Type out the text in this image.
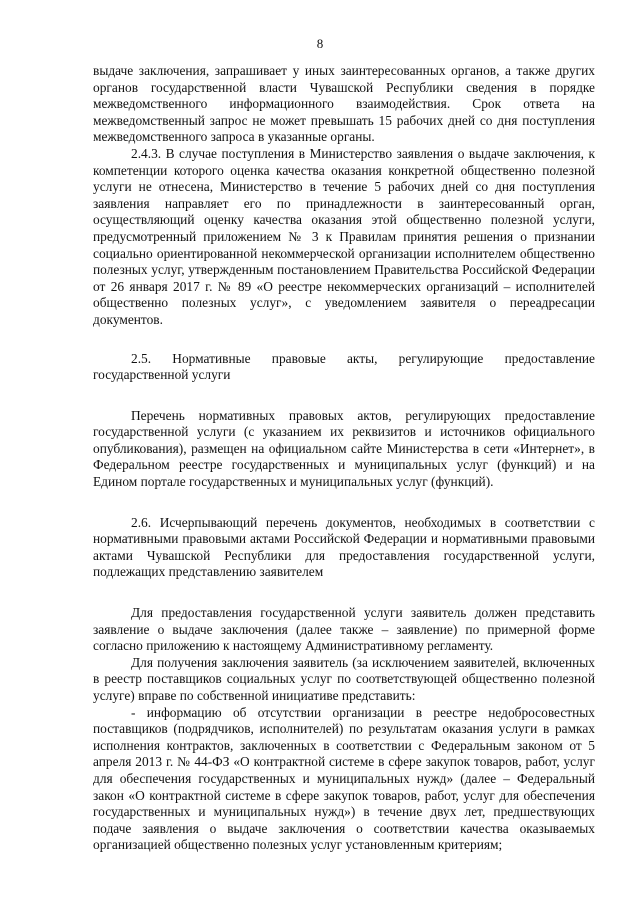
8

выдаче заключения, запрашивает у иных заинтересованных органов, а также других органов государственной власти Чувашской Республики сведения в порядке межведомственного информационного взаимодействия. Срок ответа на межведомственный запрос не может превышать 15 рабочих дней со дня поступления межведомственного запроса в указанные органы.

2.4.3. В случае поступления в Министерство заявления о выдаче заключения, к компетенции которого оценка качества оказания конкретной общественно полезной услуги не отнесена, Министерство в течение 5 рабочих дней со дня поступления заявления направляет его по принадлежности в заинтересованный орган, осуществляющий оценку качества оказания этой общественно полезной услуги, предусмотренный приложением № 3 к Правилам принятия решения о признании социально ориентированной некоммерческой организации исполнителем общественно полезных услуг, утвержденным постановлением Правительства Российской Федерации от 26 января 2017 г. № 89 «О реестре некоммерческих организаций – исполнителей общественно полезных услуг», с уведомлением заявителя о переадресации документов.

2.5. Нормативные правовые акты, регулирующие предоставление государственной услуги

Перечень нормативных правовых актов, регулирующих предоставление государственной услуги (с указанием их реквизитов и источников официального опубликования), размещен на официальном сайте Министерства в сети «Интернет», в Федеральном реестре государственных и муниципальных услуг (функций) и на Едином портале государственных и муниципальных услуг (функций).

2.6. Исчерпывающий перечень документов, необходимых в соответствии с нормативными правовыми актами Российской Федерации и нормативными правовыми актами Чувашской Республики для предоставления государственной услуги, подлежащих представлению заявителем

Для предоставления государственной услуги заявитель должен представить заявление о выдаче заключения (далее также – заявление) по примерной форме согласно приложению к настоящему Административному регламенту.

Для получения заключения заявитель (за исключением заявителей, включенных в реестр поставщиков социальных услуг по соответствующей общественно полезной услуге) вправе по собственной инициативе представить:

- информацию об отсутствии организации в реестре недобросовестных поставщиков (подрядчиков, исполнителей) по результатам оказания услуги в рамках исполнения контрактов, заключенных в соответствии с Федеральным законом от 5 апреля 2013 г. № 44-ФЗ «О контрактной системе в сфере закупок товаров, работ, услуг для обеспечения государственных и муниципальных нужд» (далее – Федеральный закон «О контрактной системе в сфере закупок товаров, работ, услуг для обеспечения государственных и муниципальных нужд») в течение двух лет, предшествующих подаче заявления о выдаче заключения о соответствии качества оказываемых организацией общественно полезных услуг установленным критериям;
